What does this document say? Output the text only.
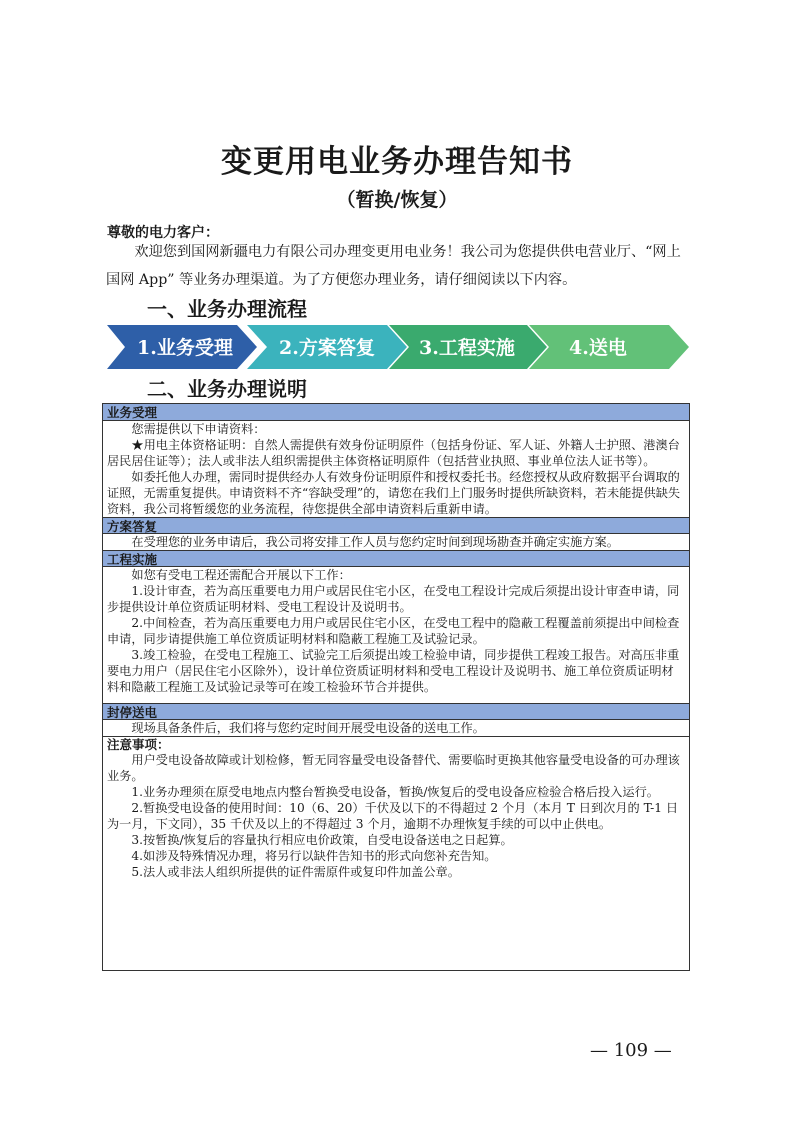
变更用电业务办理告知书
（暂换/恢复）
尊敬的电力客户：
欢迎您到国网新疆电力有限公司办理变更用电业务！我公司为您提供供电营业厅、“网上国网 App” 等业务办理渠道。为了方便您办理业务，请仔细阅读以下内容。
一、业务办理流程
1.业务受理 2.方案答复 3.工程实施	4.送电
二、业务办理说明
业务受理

您需提供以下申请资料：

★用电主体资格证明：自然人需提供有效身份证明原件（包括身份证、军人证、外籍人士护照、港澳台居民居住证等）；法人或非法人组织需提供主体资格证明原件（包括营业执照、事业单位法人证书等）。

如委托他人办理，需同时提供经办人有效身份证明原件和授权委托书。经您授权从政府数据平台调取的证照，无需重复提供。申请资料不齐“容缺受理”的，请您在我们上门服务时提供所缺资料，若未能提供缺失资料，我公司将暂缓您的业务流程，待您提供全部申请资料后重新申请。

方案答复

在受理您的业务申请后，我公司将安排工作人员与您约定时间到现场勘查并确定实施方案。

工程实施

如您有受电工程还需配合开展以下工作：

1.设计审查，若为高压重要电力用户或居民住宅小区，在受电工程设计完成后须提出设计审查申请，同步提供设计单位资质证明材料、受电工程设计及说明书。

2.中间检查，若为高压重要电力用户或居民住宅小区，在受电工程中的隐蔽工程覆盖前须提出中间检查申请，同步请提供施工单位资质证明材料和隐蔽工程施工及试验记录。

3.竣工检验，在受电工程施工、试验完工后须提出竣工检验申请，同步提供工程竣工报告。对高压非重要电力用户（居民住宅小区除外），设计单位资质证明材料和受电工程设计及说明书、施工单位资质证明材料和隐蔽工程施工及试验记录等可在竣工检验环节合并提供。

封停送电

现场具备条件后，我们将与您约定时间开展受电设备的送电工作。

注意事项：

用户受电设备故障或计划检修，暂无同容量受电设备替代、需要临时更换其他容量受电设备的可办理该业务。

1.业务办理须在原受电地点内整台暂换受电设备，暂换/恢复后的受电设备应检验合格后投入运行。

2.暂换受电设备的使用时间：10（6、20）千伏及以下的不得超过 2 个月（本月 T 日到次月的 T-1 日为一月，下文同），35 千伏及以上的不得超过 3 个月，逾期不办理恢复手续的可以中止供电。

3.按暂换/恢复后的容量执行相应电价政策，自受电设备送电之日起算。

4.如涉及特殊情况办理，将另行以缺件告知书的形式向您补充告知。

5.法人或非法人组织所提供的证件需原件或复印件加盖公章。

— 109 —
